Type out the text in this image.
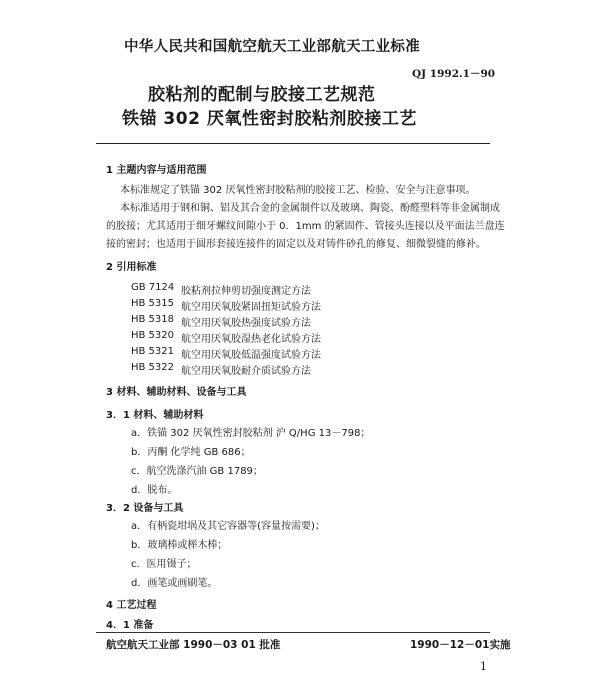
中华人民共和国航空航天工业部航天工业标准
QJ 1992.1－90
胶粘剂的配制与胶接工艺规范
铁锚 302 厌氧性密封胶粘剂胶接工艺
1 主题内容与适用范围
本标准规定了铁锚 302 厌氧性密封胶粘剂的胶接工艺、检验、安全与注意事项。
本标准适用于钢和铜、铝及其合金的金属制件以及玻璃、陶瓷、酚醛塑料等非金属制成
的胶接；尤其适用于细牙螺纹间隙小于 0．1mm 的紧固件、管接头连接以及平面法兰盘连
接的密封；也适用于圆形套接连接件的固定以及对铸件砂孔的修复、细微裂缝的修补。
2 引用标准
GB 7124 胶粘剂拉伸剪切强度测定方法
HB 5315 航空用厌氧胶紧固扭矩试验方法
HB 5318 航空用厌氧胶热强度试验方法
HB 5320 航空用厌氧胶湿热老化试验方法
HB 5321 航空用厌氧胶低温强度试验方法
HB 5322 航空用厌氧胶耐介质试验方法
3 材料、辅助材料、设备与工具
3．1 材料、辅助材料
a．铁锚 302 厌氧性密封胶粘剂 沪 Q/HG 13－798；
b．丙酮 化学纯 GB 686；
c．航空洗涤汽油 GB 1789；
d．脱布。
3．2 设备与工具
a．有柄瓷坩埚及其它容器等(容量按需要)；
b．玻璃棒或榉木棒；
c．医用镊子；
d．画笔或画刷笔。
4 工艺过程
4．1 准备
航空航天工业部 1990－03 01 批准	1990－12－01实施
1
